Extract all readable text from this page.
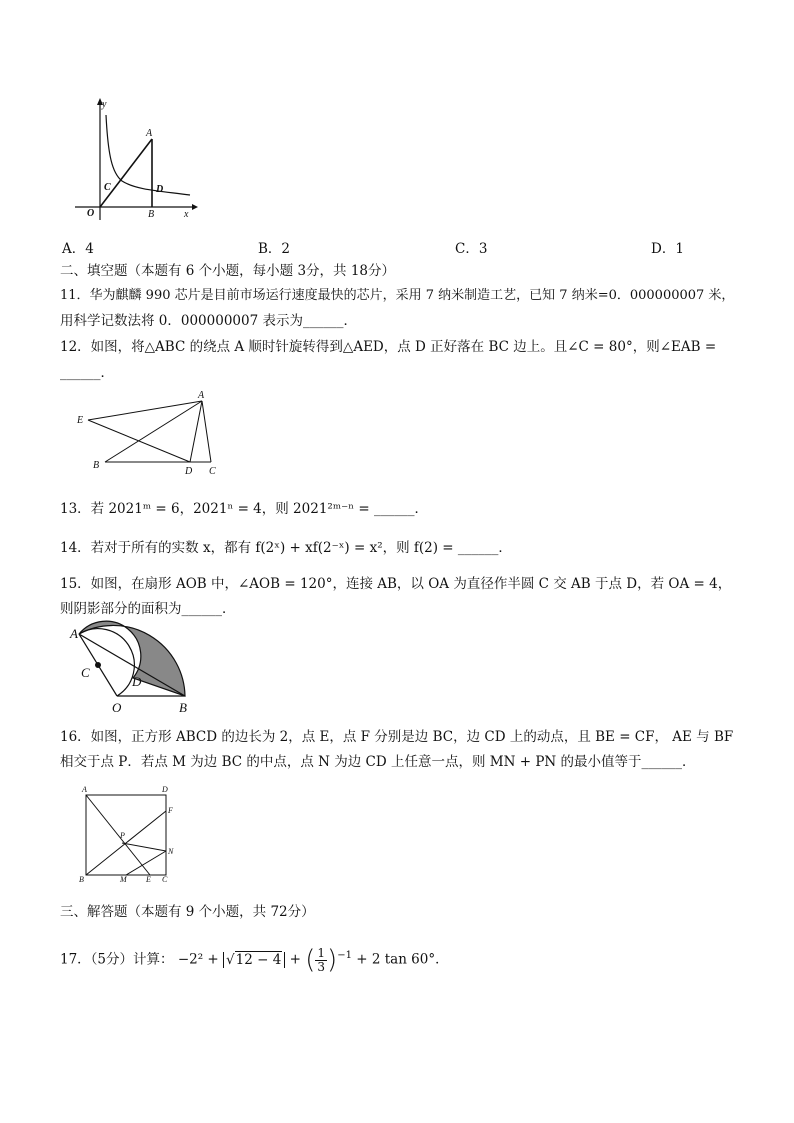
y
x
O
A
B
C	D
A．4	B．2	C．3	D．1
二、填空题（本题有 6 个小题，每小题 3分，共 18分）
11．华为麒麟 990 芯片是目前市场运行速度最快的芯片，采用 7 纳米制造工艺，已知 7 纳米=0．000000007 米，
用科学记数法将 0．000000007 表示为______．
12．如图，将△ABC 的绕点 A 顺时针旋转得到△AED，点 D 正好落在 BC 边上。且∠C = 80°，则∠EAB =
______．
A
E
B
D C
13．若 2021ᵐ = 6，2021ⁿ = 4，则 2021²ᵐ⁻ⁿ = ______．
14．若对于所有的实数 x，都有 f(2ˣ) + xf(2⁻ˣ) = x²，则 f(2) = ______．
15．如图，在扇形 AOB 中，∠AOB = 120°，连接 AB，以 OA 为直径作半圆 C 交 AB 于点 D，若 OA = 4，
则阴影部分的面积为______．
A
C
D
O	B
16．如图，正方形 ABCD 的边长为 2，点 E，点 F 分别是边 BC，边 CD 上的动点，且 BE = CF， AE 与 BF
相交于点 P．若点 M 为边 BC 的中点，点 N 为边 CD 上任意一点，则 MN + PN 的最小值等于______．
A	D
F
P
N
B	M E C
三、解答题（本题有 9 个小题，共 72分）
17．（5分）计算： −2² + √12 − 4 + ( $\frac{1}{3} )^{-1} + 2$ tan 60°．
